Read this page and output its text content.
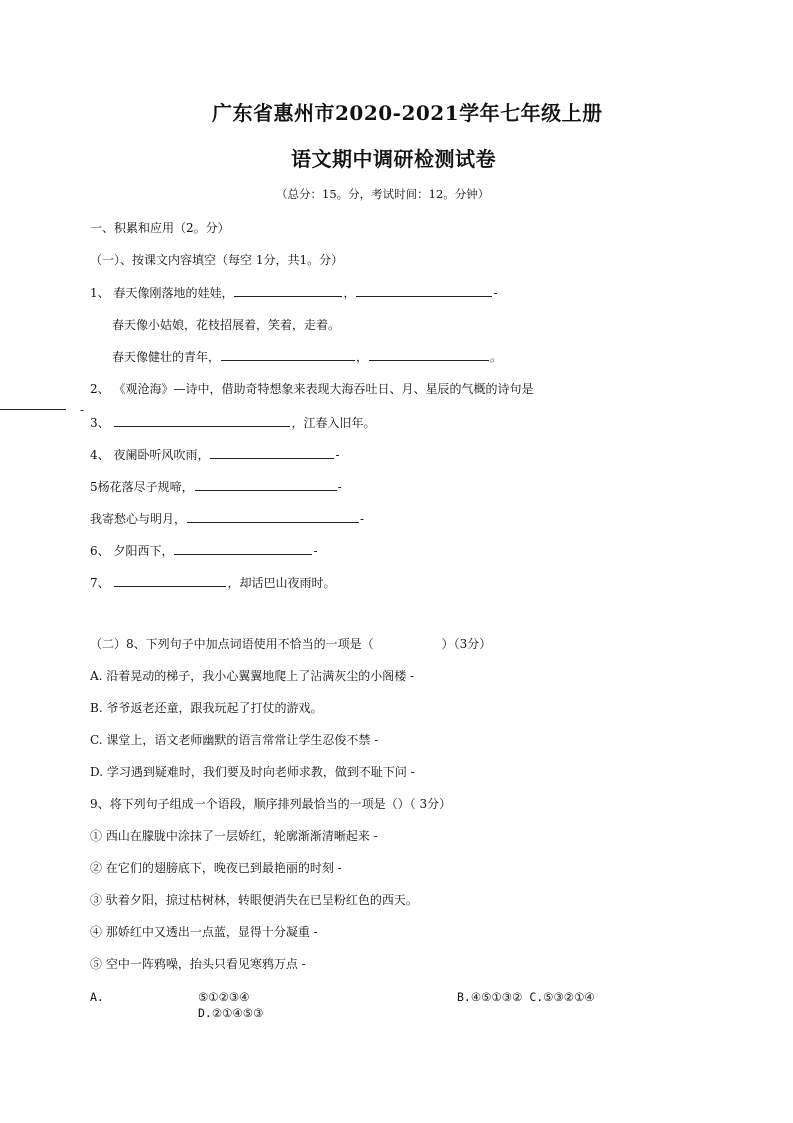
广东省惠州市2020-2021学年七年级上册
语文期中调研检测试卷
（总分：15。分，考试时间：12。分钟）
一、积累和应用（2。分）
（一）、按课文内容填空（每空 1分，共1。分）
1、 春天像刚落地的娃娃，	，	-
春天像小姑娘，花枝招展着，笑着，走着。
春天像健壮的青年，	，	。
2、 《观沧海》—诗中，借助奇特想象来表现大海吞吐日、月、星辰的气概的诗句是
-
3、	，江春入旧年。
4、 夜阑卧听风吹雨，	-
5杨花落尽子规啼，	-
我寄愁心与明月，	-
6、 夕阳西下，	-
7、	，却话巴山夜雨时。
（二）8、下列句子中加点词语使用不恰当的一项是（	）（3分）
A. 沿着晃动的梯子，我小心翼翼地爬上了沾满灰尘的小阁楼 -
B. 爷爷返老还童，跟我玩起了打仗的游戏。
C. 课堂上，语文老师幽默的语言常常让学生忍俊不禁 -
D. 学习遇到疑难时，我们要及时向老师求教，做到不耻下问 -
9、将下列句子组成一个语段，顺序排列最恰当的一项是（）（ 3分）
① 西山在朦胧中涂抹了一层娇红，轮廓渐渐清晰起来 -
② 在它们的翅膀底下，晚夜已到最艳丽的时刻 -
③ 驮着夕阳，掠过枯树林，转眼便消失在已呈粉红色的西天。
④ 那娇红中又透出一点蓝，显得十分凝重 -
⑤ 空中一阵鸦噪，抬头只看见寒鸦万点 -
A.	⑤①②③④	B.④⑤①③② C.⑤③②①④
D.②①④⑤③
